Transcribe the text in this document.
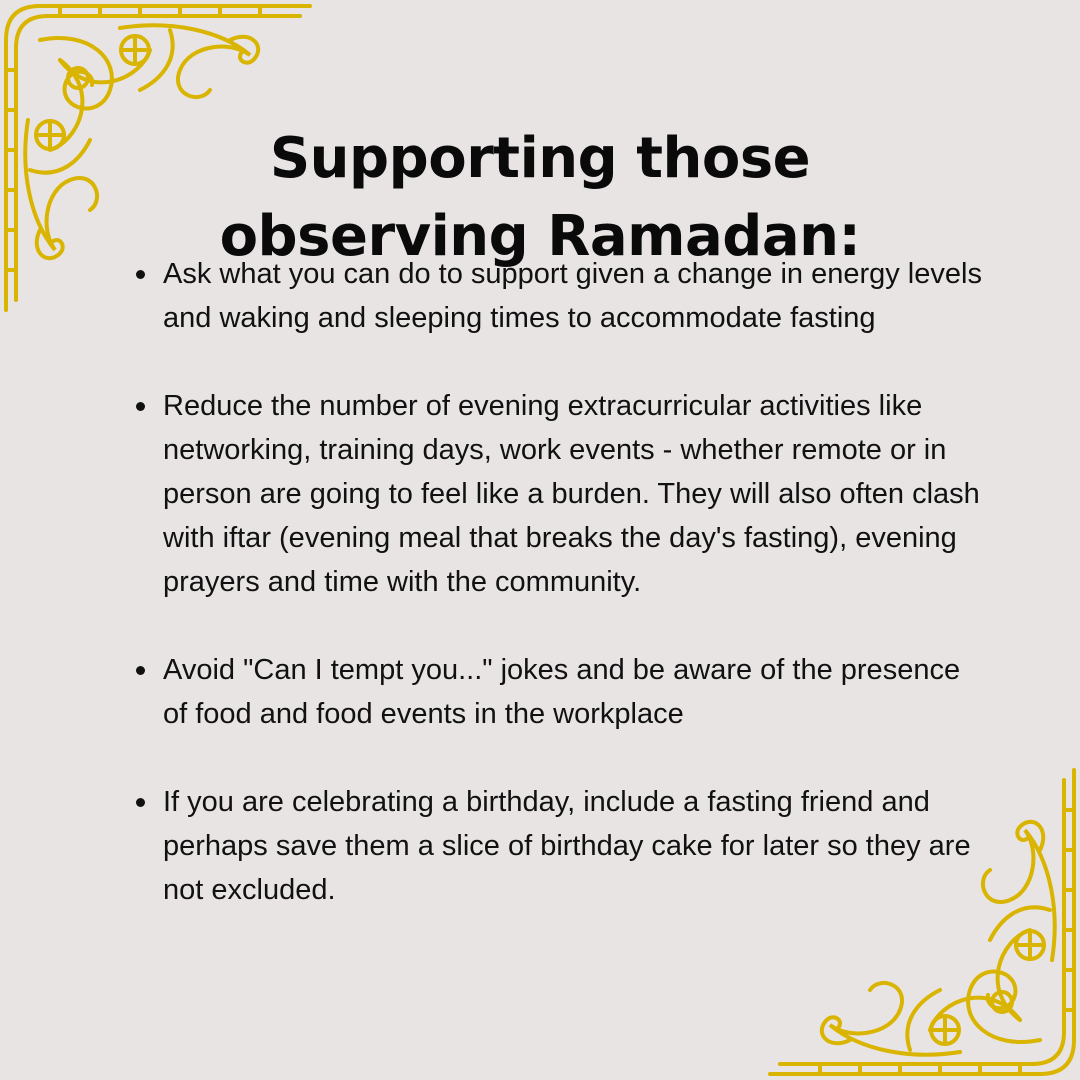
Supporting those observing Ramadan:
Ask what you can do to support given a change in energy levels and waking and sleeping times to accommodate fasting
Reduce the number of evening extracurricular activities like networking, training days, work events - whether remote or in person are going to feel like a burden. They will also often clash with iftar (evening meal that breaks the day's fasting), evening prayers and time with the community.
Avoid "Can I tempt you..." jokes and be aware of the presence of food and food events in the workplace
If you are celebrating a birthday, include a fasting friend and perhaps save them a slice of birthday cake for later so they are not excluded.
